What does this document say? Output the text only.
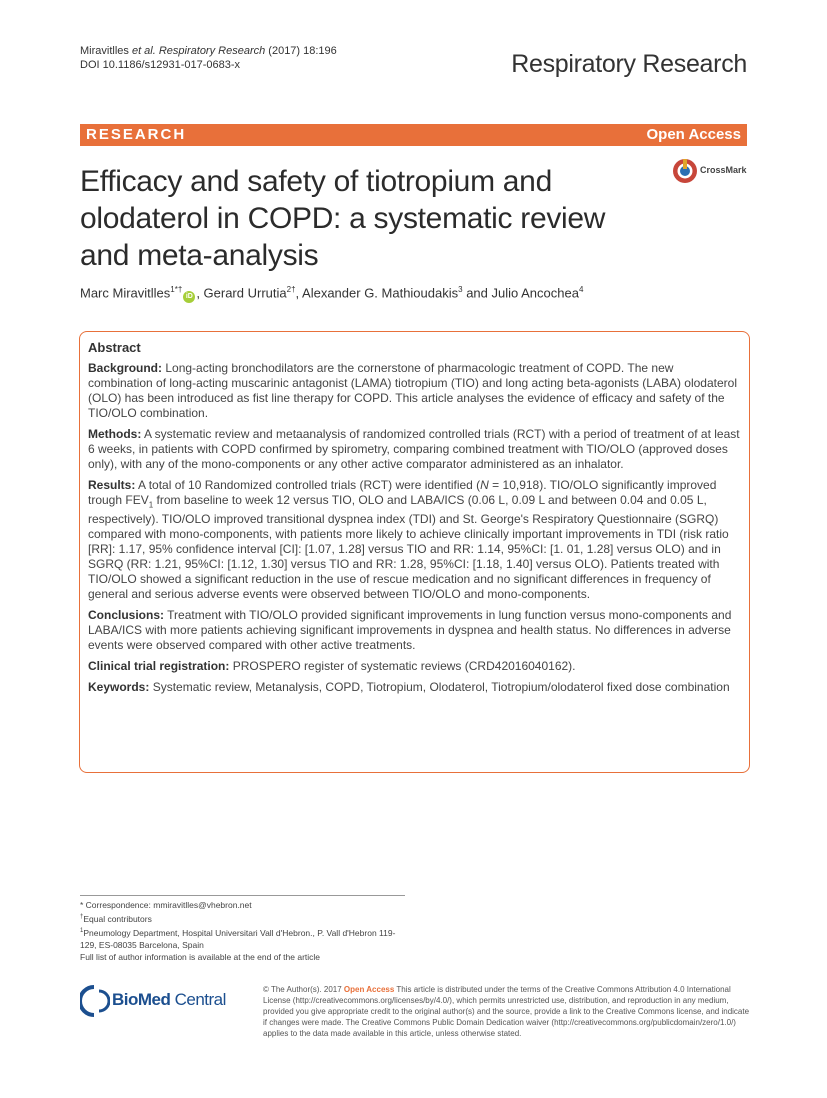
Miravitlles et al. Respiratory Research (2017) 18:196
DOI 10.1186/s12931-017-0683-x	Respiratory Research
RESEARCH	Open Access
Efficacy and safety of tiotropium and
olodaterol in COPD: a systematic review
and meta-analysis
CrossMark
Marc Miravitlles$^{1*\dagger}$iD , Gerard Urrutia$^{2\dagger}$, Alexander G. Mathioudakis$^3$ and Julio Ancochea$^4$
Abstract

Background: Long-acting bronchodilators are the cornerstone of pharmacologic treatment of COPD. The new combination of long-acting muscarinic antagonist (LAMA) tiotropium (TIO) and long acting beta-agonists (LABA) olodaterol (OLO) has been introduced as fist line therapy for COPD. This article analyses the evidence of efficacy and safety of the TIO/OLO combination.

Methods: A systematic review and metaanalysis of randomized controlled trials (RCT) with a period of treatment of at least 6 weeks, in patients with COPD confirmed by spirometry, comparing combined treatment with TIO/OLO (approved doses only), with any of the mono-components or any other active comparator administered as an inhalator.

Results: A total of 10 Randomized controlled trials (RCT) were identified (N = 10,918). TIO/OLO significantly improved trough $FEV_1$ from baseline to week 12 versus TIO, OLO and LABA/ICS (0.06 L, 0.09 L and between 0.04 and 0.05 L, respectively). TIO/OLO improved transitional dyspnea index (TDI) and St. George's Respiratory Questionnaire (SGRQ) compared with mono-components, with patients more likely to achieve clinically important improvements in TDI (risk ratio [RR]: 1.17, 95% confidence interval [CI]: [1.07, 1.28] versus TIO and RR: 1.14, 95%CI: [1. 01, 1.28] versus OLO) and in SGRQ (RR: 1.21, 95%CI: [1.12, 1.30] versus TIO and RR: 1.28, 95%CI: [1.18, 1.40] versus OLO). Patients treated with TIO/OLO showed a significant reduction in the use of rescue medication and no significant differences in frequency of general and serious adverse events were observed between TIO/OLO and mono-components.

Conclusions: Treatment with TIO/OLO provided significant improvements in lung function versus mono-components and LABA/ICS with more patients achieving significant improvements in dyspnea and health status. No differences in adverse events were observed compared with other active treatments.

Clinical trial registration: PROSPERO register of systematic reviews (CRD42016040162).

Keywords: Systematic review, Metanalysis, COPD, Tiotropium, Olodaterol, Tiotropium/olodaterol fixed dose combination

* Correspondence: mmiravitlles@vhebron.net
†Equal contributors
$^1$Pneumology Department, Hospital Universitari Vall d'Hebron., P. Vall d'Hebron 119-129, ES-08035 Barcelona, Spain
Full list of author information is available at the end of the article
BioMed Central
© The Author(s). 2017 Open Access This article is distributed under the terms of the Creative Commons Attribution 4.0 International License (http://creativecommons.org/licenses/by/4.0/), which permits unrestricted use, distribution, and reproduction in any medium, provided you give appropriate credit to the original author(s) and the source, provide a link to the Creative Commons license, and indicate if changes were made. The Creative Commons Public Domain Dedication waiver (http://creativecommons.org/publicdomain/zero/1.0/) applies to the data made available in this article, unless otherwise stated.
